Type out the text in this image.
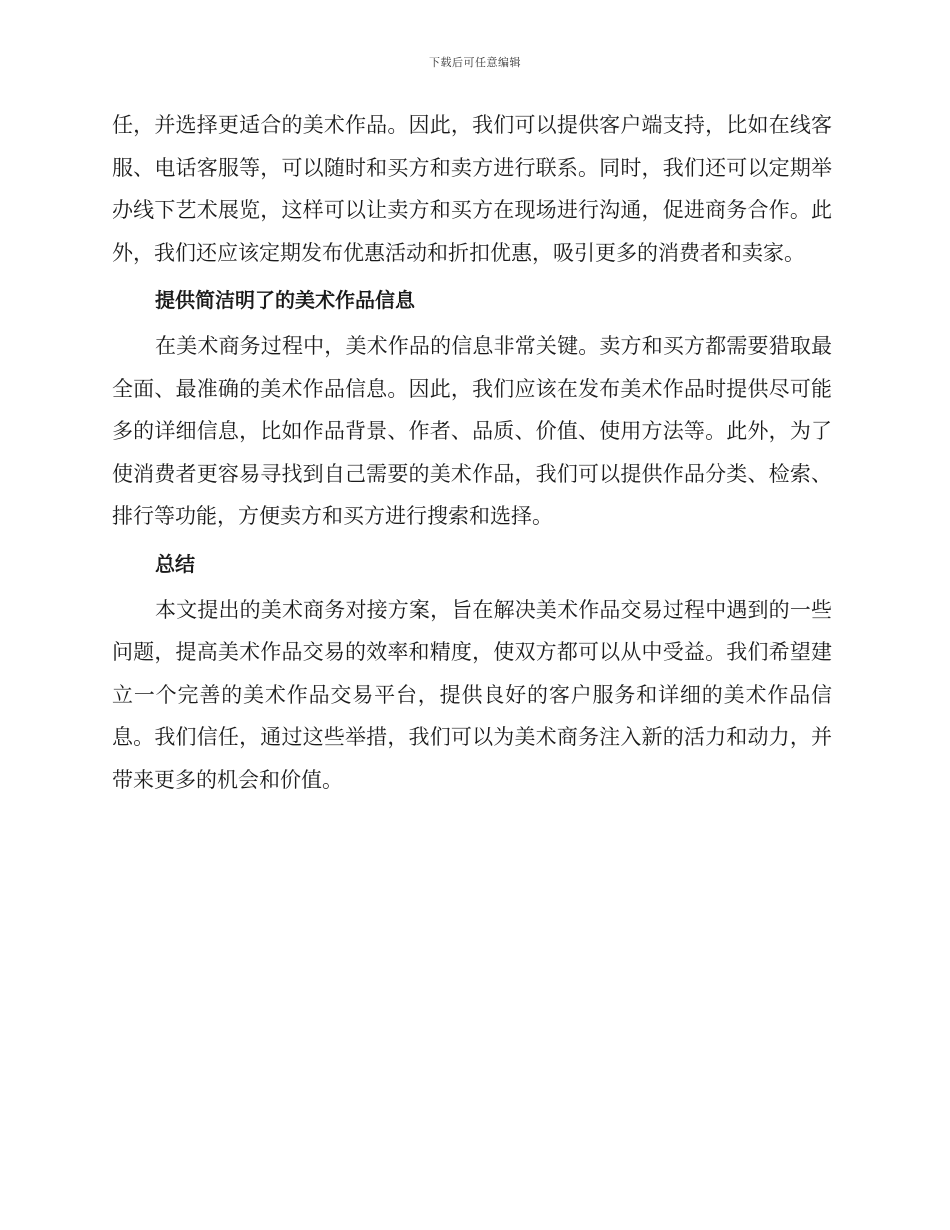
下载后可任意编辑

任，并选择更适合的美术作品。因此，我们可以提供客户端支持，比如在线客服、电话客服等，可以随时和买方和卖方进行联系。同时，我们还可以定期举办线下艺术展览，这样可以让卖方和买方在现场进行沟通，促进商务合作。此外，我们还应该定期发布优惠活动和折扣优惠，吸引更多的消费者和卖家。

提供简洁明了的美术作品信息

在美术商务过程中，美术作品的信息非常关键。卖方和买方都需要猎取最全面、最准确的美术作品信息。因此，我们应该在发布美术作品时提供尽可能多的详细信息，比如作品背景、作者、品质、价值、使用方法等。此外，为了使消费者更容易寻找到自己需要的美术作品，我们可以提供作品分类、检索、排行等功能，方便卖方和买方进行搜索和选择。

总结

本文提出的美术商务对接方案，旨在解决美术作品交易过程中遇到的一些问题，提高美术作品交易的效率和精度，使双方都可以从中受益。我们希望建立一个完善的美术作品交易平台，提供良好的客户服务和详细的美术作品信息。我们信任，通过这些举措，我们可以为美术商务注入新的活力和动力，并带来更多的机会和价值。
